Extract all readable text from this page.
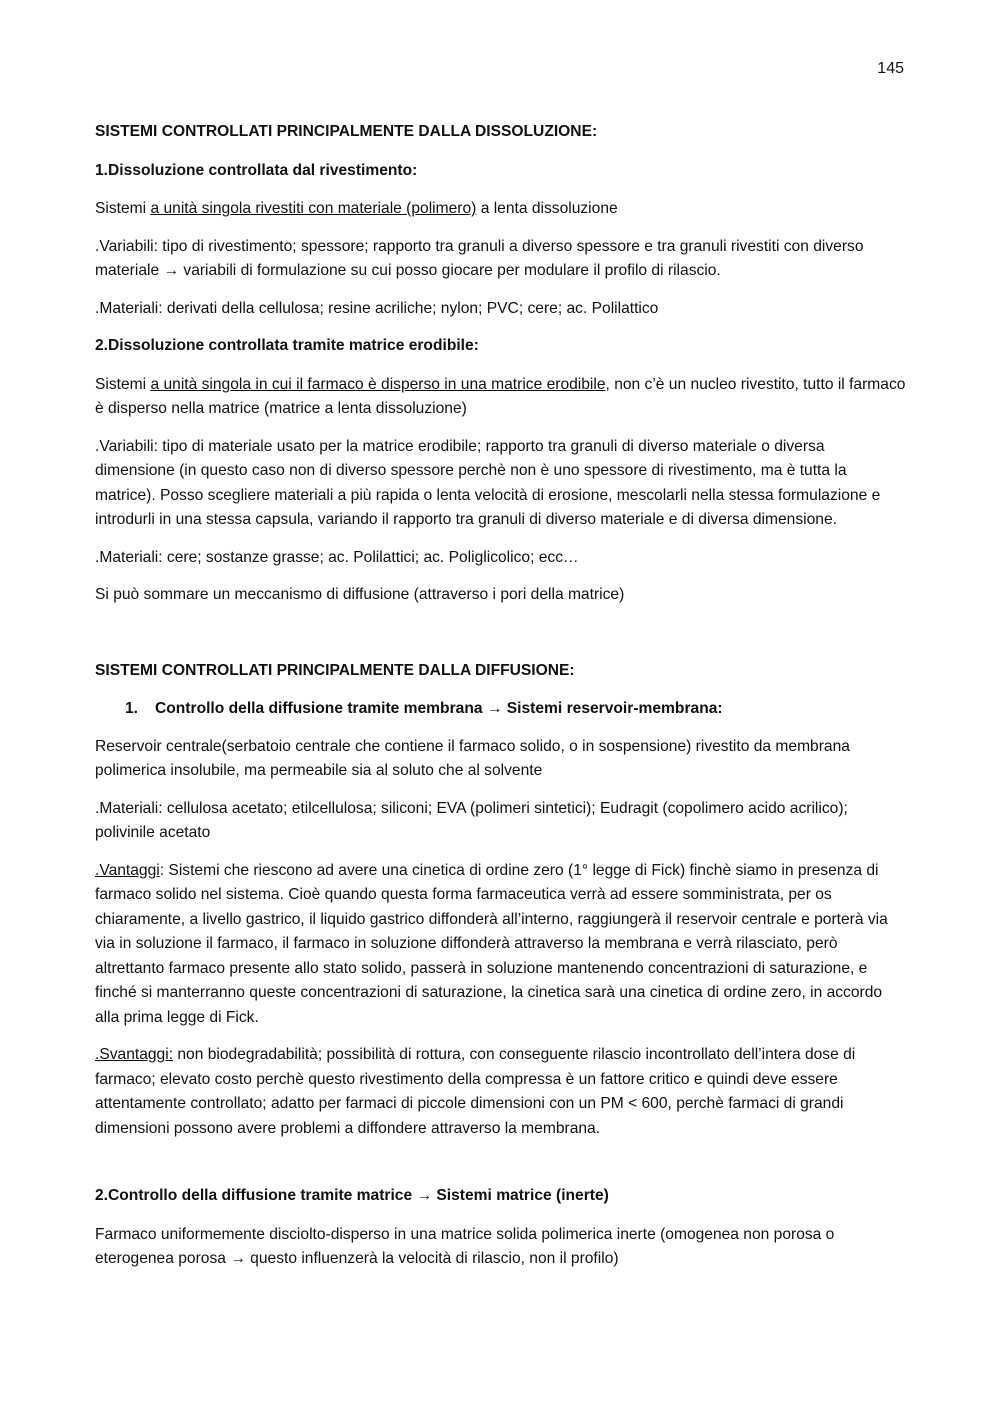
145

SISTEMI CONTROLLATI PRINCIPALMENTE DALLA DISSOLUZIONE:

1.Dissoluzione controllata dal rivestimento:

Sistemi a unità singola rivestiti con materiale (polimero) a lenta dissoluzione

.Variabili: tipo di rivestimento; spessore; rapporto tra granuli a diverso spessore e tra granuli rivestiti con diverso materiale → variabili di formulazione su cui posso giocare per modulare il profilo di rilascio.

.Materiali: derivati della cellulosa; resine acriliche; nylon; PVC; cere; ac. Polilattico

2.Dissoluzione controllata tramite matrice erodibile:

Sistemi a unità singola in cui il farmaco è disperso in una matrice erodibile, non c’è un nucleo rivestito, tutto il farmaco è disperso nella matrice (matrice a lenta dissoluzione)

.Variabili: tipo di materiale usato per la matrice erodibile; rapporto tra granuli di diverso materiale o diversa dimensione (in questo caso non di diverso spessore perchè non è uno spessore di rivestimento, ma è tutta la matrice). Posso scegliere materiali a più rapida o lenta velocità di erosione, mescolarli nella stessa formulazione e introdurli in una stessa capsula, variando il rapporto tra granuli di diverso materiale e di diversa dimensione.

.Materiali: cere; sostanze grasse; ac. Polilattici; ac. Poliglicolico; ecc…

Si può sommare un meccanismo di diffusione (attraverso i pori della matrice)

SISTEMI CONTROLLATI PRINCIPALMENTE DALLA DIFFUSIONE:

1. Controllo della diffusione tramite membrana → Sistemi reservoir-membrana:

Reservoir centrale(serbatoio centrale che contiene il farmaco solido, o in sospensione) rivestito da membrana polimerica insolubile, ma permeabile sia al soluto che al solvente

.Materiali: cellulosa acetato; etilcellulosa; siliconi; EVA (polimeri sintetici); Eudragit (copolimero acido acrilico); polivinile acetato

.Vantaggi: Sistemi che riescono ad avere una cinetica di ordine zero (1° legge di Fick) finchè siamo in presenza di farmaco solido nel sistema. Cioè quando questa forma farmaceutica verrà ad essere somministrata, per os chiaramente, a livello gastrico, il liquido gastrico diffonderà all’interno, raggiungerà il reservoir centrale e porterà via via in soluzione il farmaco, il farmaco in soluzione diffonderà attraverso la membrana e verrà rilasciato, però altrettanto farmaco presente allo stato solido, passerà in soluzione mantenendo concentrazioni di saturazione, e finché si manterranno queste concentrazioni di saturazione, la cinetica sarà una cinetica di ordine zero, in accordo alla prima legge di Fick.

.Svantaggi: non biodegradabilità; possibilità di rottura, con conseguente rilascio incontrollato dell’intera dose di farmaco; elevato costo perchè questo rivestimento della compressa è un fattore critico e quindi deve essere attentamente controllato; adatto per farmaci di piccole dimensioni con un PM < 600, perchè farmaci di grandi dimensioni possono avere problemi a diffondere attraverso la membrana.

2.Controllo della diffusione tramite matrice → Sistemi matrice (inerte)

Farmaco uniformemente disciolto-disperso in una matrice solida polimerica inerte (omogenea non porosa o eterogenea porosa → questo influenzerà la velocità di rilascio, non il profilo)
